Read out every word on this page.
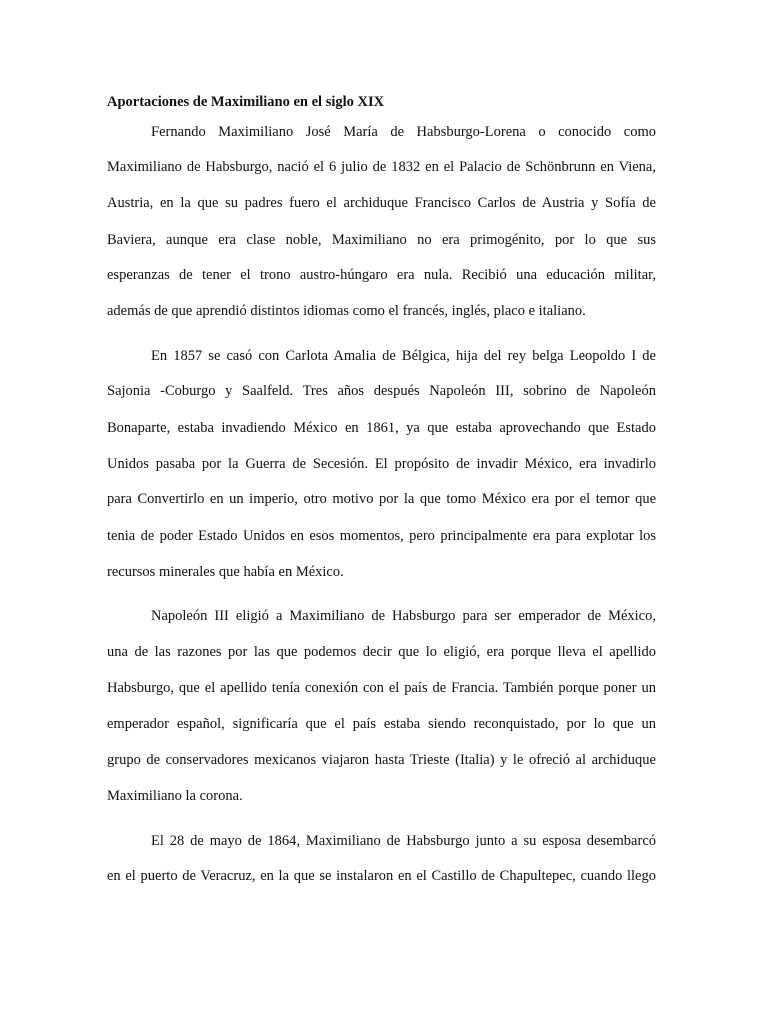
Aportaciones de Maximiliano en el siglo XIX
Fernando Maximiliano José María de Habsburgo-Lorena o conocido como
Maximiliano de Habsburgo, nació el 6 julio de 1832 en el Palacio de Schönbrunn en Viena,
Austria, en la que su padres fuero el archiduque Francisco Carlos de Austria y Sofía de
Baviera, aunque era clase noble, Maximiliano no era primogénito, por lo que sus
esperanzas de tener el trono austro-húngaro era nula. Recibió una educación militar,
además de que aprendió distintos idiomas como el francés, inglés, placo e italiano.
En 1857 se casó con Carlota Amalia de Bélgica, hija del rey belga Leopoldo I de
Sajonia -Coburgo y Saalfeld. Tres años después Napoleón III, sobrino de Napoleón
Bonaparte, estaba invadiendo México en 1861, ya que estaba aprovechando que Estado
Unidos pasaba por la Guerra de Secesión. El propósito de invadir México, era invadirlo
para Convertirlo en un imperio, otro motivo por la que tomo México era por el temor que
tenia de poder Estado Unidos en esos momentos, pero principalmente era para explotar los
recursos minerales que había en México.
Napoleón III eligió a Maximiliano de Habsburgo para ser emperador de México,
una de las razones por las que podemos decir que lo eligió, era porque lleva el apellido
Habsburgo, que el apellido tenía conexión con el país de Francia. También porque poner un
emperador español, significaría que el país estaba siendo reconquistado, por lo que un
grupo de conservadores mexicanos viajaron hasta Trieste (Italia) y le ofreció al archiduque
Maximiliano la corona.
El 28 de mayo de 1864, Maximiliano de Habsburgo junto a su esposa desembarcó
en el puerto de Veracruz, en la que se instalaron en el Castillo de Chapultepec, cuando llego
